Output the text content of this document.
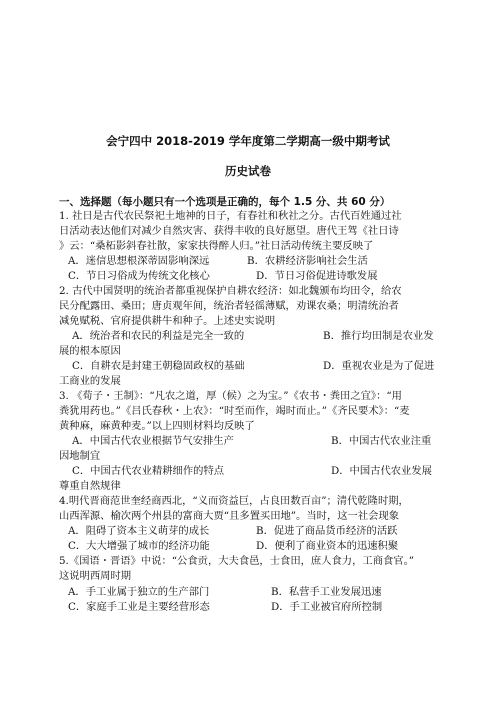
会宁四中 2018-2019 学年度第二学期高一级中期考试
历史试卷
一、选择题（每小题只有一个选项是正确的，每个 1.5 分、共 60 分）
1. 社日是古代农民祭祀土地神的日子，有春社和秋社之分。古代百姓通过社
日活动表达他们对减少自然灾害、获得丰收的良好愿望。唐代王驾《社日诗
》云：“桑柘影斜春社散，家家扶得醉人归。”社日活动传统主要反映了
A．迷信思想根深蒂固影响深远	B．农耕经济影响社会生活
C．节日习俗成为传统文化核心	D．节日习俗促进诗歌发展
2. 古代中国贤明的统治者都重视保护自耕农经济：如北魏颁布均田令，给农
民分配露田、桑田；唐贞观年间，统治者轻徭薄赋，劝课农桑；明清统治者
减免赋税、官府提供耕牛和种子。上述史实说明
A．统治者和农民的利益是完全一致的	B．推行均田制是农业发
展的根本原因
C．自耕农是封建王朝稳固政权的基础	D．重视农业是为了促进
工商业的发展
3. 《荀子・王制》：“凡农之道，厚（候）之为宝。”《农书・粪田之宜》：“用
粪犹用药也。”《吕氏春秋・上农》：“时至而作，竭时而止。”《齐民要术》：“麦
黄种麻，麻黄种麦。”以上四则材料均反映了
A．中国古代农业根据节气安排生产	B．中国古代农业注重
因地制宜
C．中国古代农业精耕细作的特点	D．中国古代农业发展
尊重自然规律
4.明代晋商范世奎经商西北，“义而资益巨，占良田数百亩”；清代乾隆时期，
山西浑源、榆次两个州县的富商大贾“且多置买田地”。当时，这一社会现象
A．阻碍了资本主义萌芽的成长	B．促进了商品货币经济的活跃
C．大大增强了城市的经济功能	D．便利了商业资本的迅速积聚
5.《国语・晋语》中说：“公食贡，大夫食邑，士食田，庶人食力，工商食官。”
这说明西周时期
A．手工业属于独立的生产部门	B．私营手工业发展迅速
C．家庭手工业是主要经营形态	D．手工业被官府所控制
